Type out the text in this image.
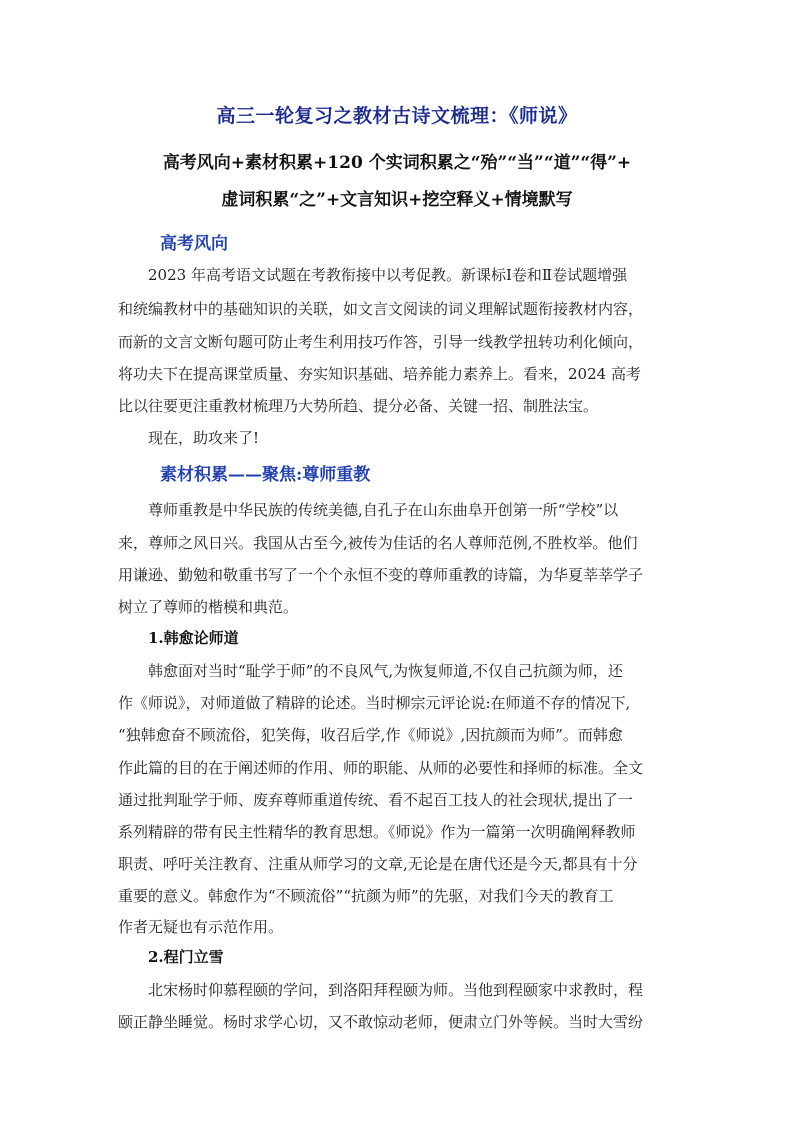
高三一轮复习之教材古诗文梳理：《师说》
高考风向+素材积累+120 个实词积累之“殆”“当”“道”“得”+
虚词积累“之”+文言知识+挖空释义+情境默写
高考风向
2023 年高考语文试题在考教衔接中以考促教。新课标Ⅰ卷和Ⅱ卷试题增强
和统编教材中的基础知识的关联，如文言文阅读的词义理解试题衔接教材内容，
而新的文言文断句题可防止考生利用技巧作答，引导一线教学扭转功利化倾向，
将功夫下在提高课堂质量、夯实知识基础、培养能力素养上。看来，2024 高考
比以往要更注重教材梳理乃大势所趋、提分必备、关键一招、制胜法宝。
现在，助攻来了!
素材积累——聚焦:尊师重教
尊师重教是中华民族的传统美德,自孔子在山东曲阜开创第一所“学校”以
来，尊师之风日兴。我国从古至今,被传为佳话的名人尊师范例,不胜枚举。他们
用谦逊、勤勉和敬重书写了一个个永恒不变的尊师重教的诗篇，为华夏莘莘学子
树立了尊师的楷模和典范。
1.韩愈论师道
韩愈面对当时“耻学于师”的不良风气,为恢复师道,不仅自己抗颜为师，还
作《师说》，对师道做了精辟的论述。当时柳宗元评论说:在师道不存的情况下,
“独韩愈奋不顾流俗，犯笑侮，收召后学,作《师说》,因抗颜而为师”。而韩愈
作此篇的目的在于阐述师的作用、师的职能、从师的必要性和择师的标准。全文
通过批判耻学于师、废弃尊师重道传统、看不起百工技人的社会现状,提出了一
系列精辟的带有民主性精华的教育思想。《师说》作为一篇第一次明确阐释教师
职责、呼吁关注教育、注重从师学习的文章,无论是在唐代还是今天,都具有十分
重要的意义。韩愈作为“不顾流俗”“抗颜为师”的先驱，对我们今天的教育工
作者无疑也有示范作用。
2.程门立雪
北宋杨时仰慕程颐的学问，到洛阳拜程颐为师。当他到程颐家中求教时，程
颐正静坐睡觉。杨时求学心切，又不敢惊动老师，便肃立门外等候。当时大雪纷
